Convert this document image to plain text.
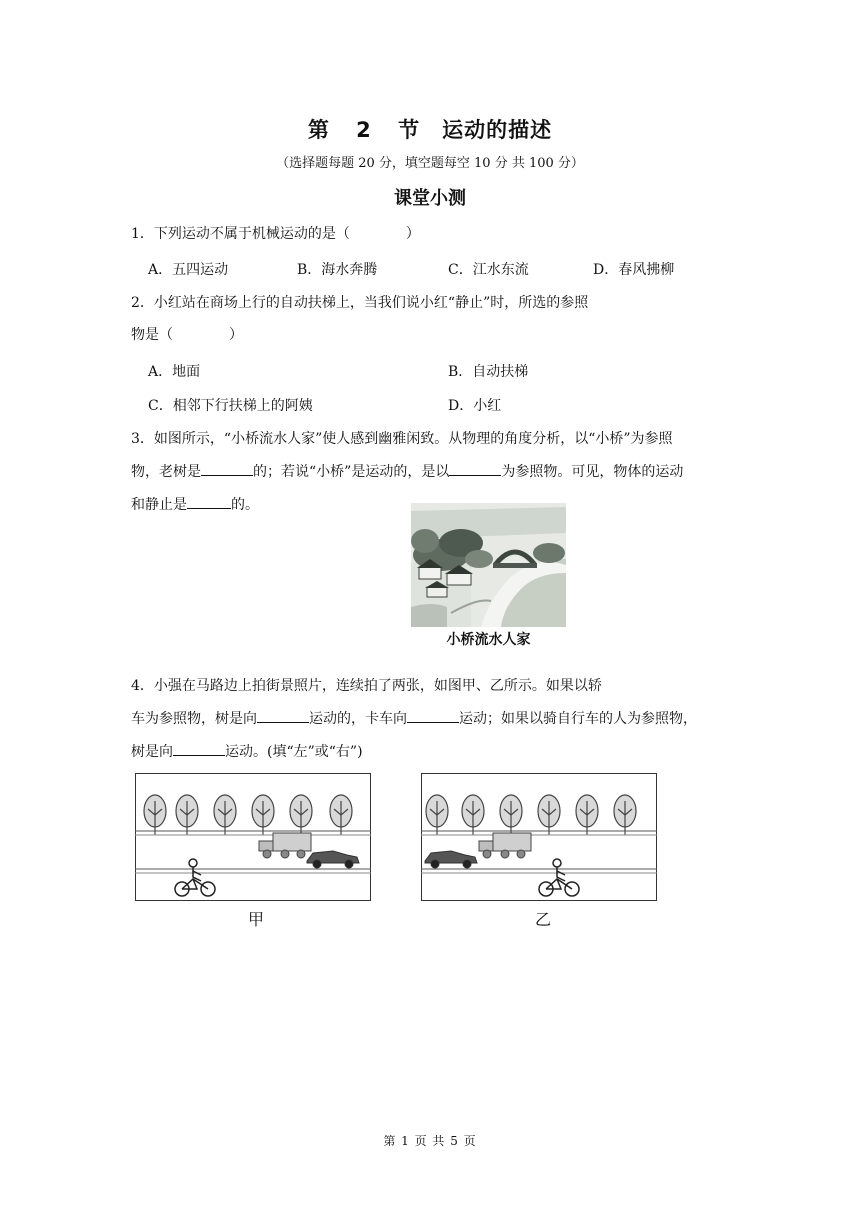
第 2 节　运动的描述
（选择题每题 20 分，填空题每空 10 分 共 100 分）
课堂小测
1．下列运动不属于机械运动的是（　　　　）
A．五四运动	B．海水奔腾	C．江水东流	D．春风拂柳
2．小红站在商场上行的自动扶梯上，当我们说小红“静止”时，所选的参照
物是（　　　　）
A．地面	B．自动扶梯
C．相邻下行扶梯上的阿姨	D．小红
3．如图所示，“小桥流水人家”使人感到幽雅闲致。从物理的角度分析，以“小桥”为参照
物，老树是	的；若说“小桥”是运动的，是以	为参照物。可见，物体的运动
和静止是	的。
小桥流水人家
4．小强在马路边上拍街景照片，连续拍了两张，如图甲、乙所示。如果以轿
车为参照物，树是向	运动的，卡车向	运动；如果以骑自行车的人为参照物，
树是向	运动。(填“左”或“右”)
甲	乙
第 1 页 共 5 页
